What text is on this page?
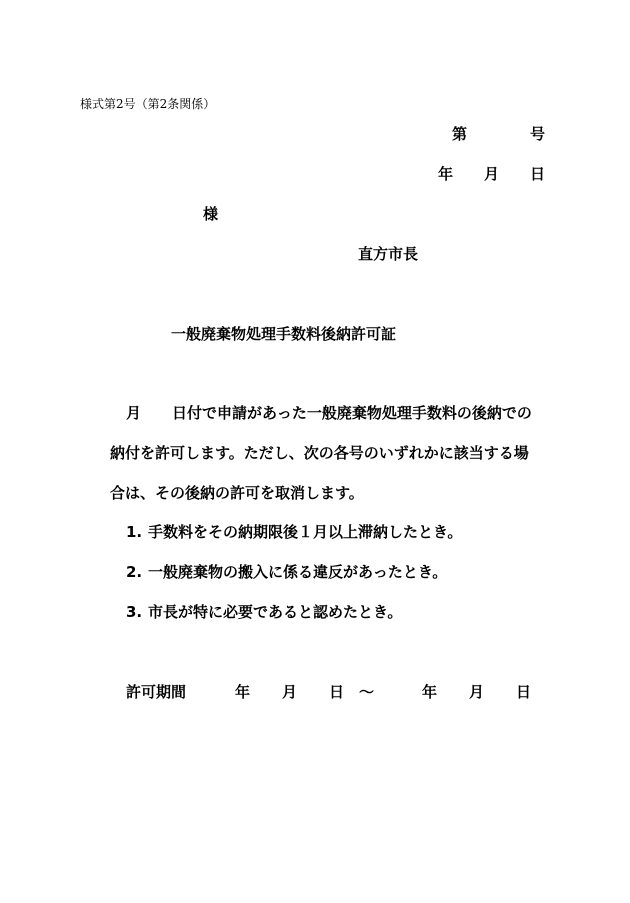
様式第2号（第2条関係）
第	号
年 月 日
様
直方市長
一般廃棄物処理手数料後納許可証
月 日付で申請があった一般廃棄物処理手数料の後納での
納付を許可します。ただし、次の各号のいずれかに該当する場
合は、その後納の許可を取消します。
1. 手数料をその納期限後１月以上滞納したとき。
2. 一般廃棄物の搬入に係る違反があったとき。
3. 市長が特に必要であると認めたとき。
許可期間	年 月 日 ～	年 月 日
